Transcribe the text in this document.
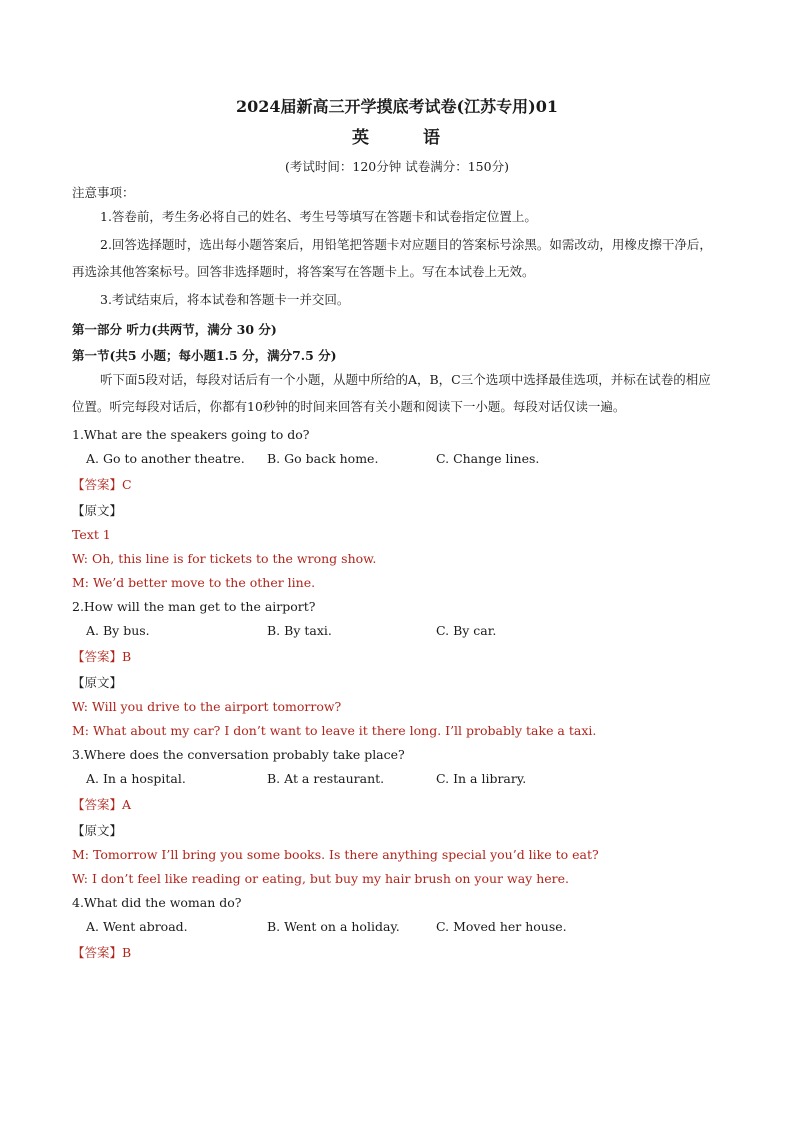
2024届新高三开学摸底考试卷(江苏专用)01
英	语
(考试时间：120分钟 试卷满分：150分)
注意事项：
1.答卷前，考生务必将自己的姓名、考生号等填写在答题卡和试卷指定位置上。
2.回答选择题时，选出每小题答案后，用铅笔把答题卡对应题目的答案标号涂黑。如需改动，用橡皮擦干净后，再选涂其他答案标号。回答非选择题时，将答案写在答题卡上。写在本试卷上无效。
3.考试结束后，将本试卷和答题卡一并交回。
第一部分 听力(共两节，满分 30 分)
第一节(共5 小题；每小题1.5 分，满分7.5 分)
听下面5段对话，每段对话后有一个小题，从题中所给的A，B，C三个选项中选择最佳选项，并标在试卷的相应位置。听完每段对话后，你都有10秒钟的时间来回答有关小题和阅读下一小题。每段对话仅读一遍。
1.What are the speakers going to do?
A. Go to another theatre.	B. Go back home.	C. Change lines.
【答案】C
【原文】
Text 1
W: Oh, this line is for tickets to the wrong show.
M: We’d better move to the other line.
2.How will the man get to the airport?
A. By bus.	B. By taxi.	C. By car.
【答案】B
【原文】
W: Will you drive to the airport tomorrow?
M: What about my car? I don’t want to leave it there long. I’ll probably take a taxi.
3.Where does the conversation probably take place?
A. In a hospital.	B. At a restaurant.	C. In a library.
【答案】A
【原文】
M: Tomorrow I’ll bring you some books. Is there anything special you’d like to eat?
W: I don’t feel like reading or eating, but buy my hair brush on your way here.
4.What did the woman do?
A. Went abroad.	B. Went on a holiday.	C. Moved her house.
【答案】B
